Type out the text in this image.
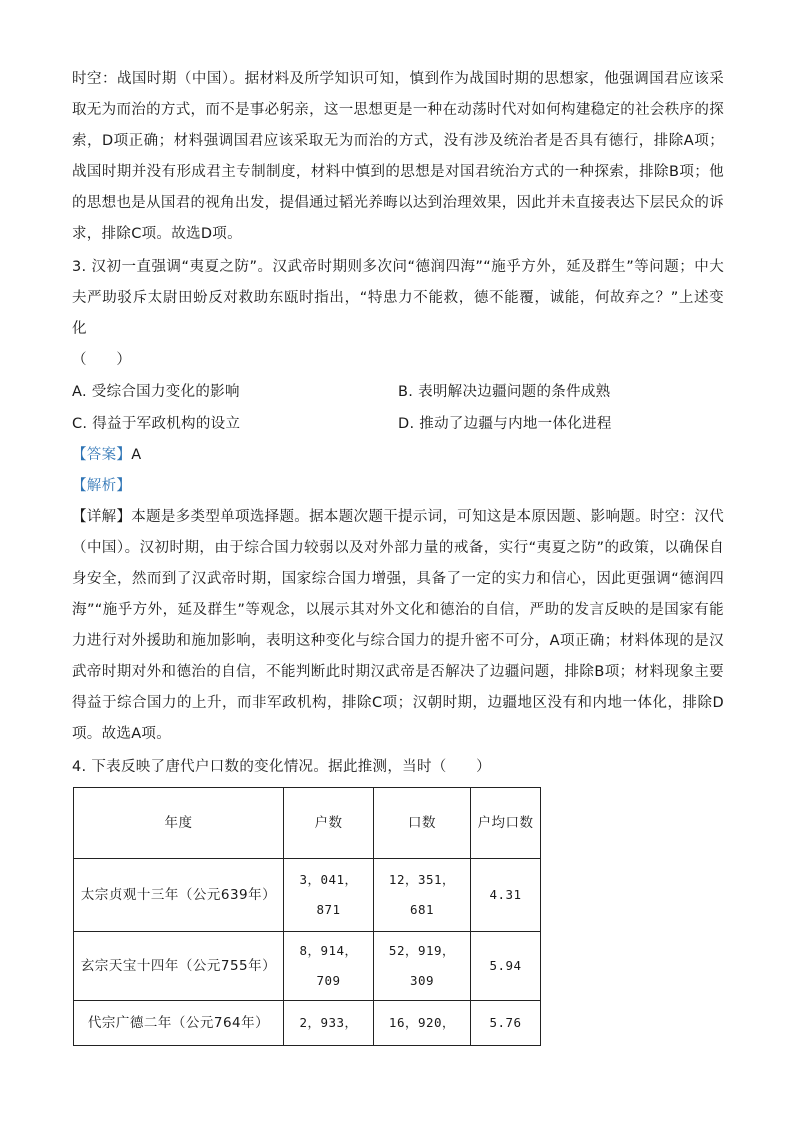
时空：战国时期（中国）。据材料及所学知识可知，慎到作为战国时期的思想家，他强调国君应该采取无为而治的方式，而不是事必躬亲，这一思想更是一种在动荡时代对如何构建稳定的社会秩序的探索，D项正确；材料强调国君应该采取无为而治的方式，没有涉及统治者是否具有德行，排除A项；战国时期并没有形成君主专制制度，材料中慎到的思想是对国君统治方式的一种探索，排除B项；他的思想也是从国君的视角出发，提倡通过韬光养晦以达到治理效果，因此并未直接表达下层民众的诉求，排除C项。故选D项。

3. 汉初一直强调“夷夏之防”。汉武帝时期则多次问“德润四海”“施乎方外，延及群生”等问题；中大夫严助驳斥太尉田蚡反对救助东瓯时指出，“特患力不能救，德不能覆，诚能，何故弃之？”上述变化

（　　）

A. 受综合国力变化的影响	B. 表明解决边疆问题的条件成熟
C. 得益于军政机构的设立	D. 推动了边疆与内地一体化进程

【答案】A

【解析】

【详解】本题是多类型单项选择题。据本题次题干提示词，可知这是本原因题、影响题。时空：汉代（中国）。汉初时期，由于综合国力较弱以及对外部力量的戒备，实行“夷夏之防”的政策，以确保自身安全，然而到了汉武帝时期，国家综合国力增强，具备了一定的实力和信心，因此更强调“德润四海”“施乎方外，延及群生”等观念，以展示其对外文化和德治的自信，严助的发言反映的是国家有能力进行对外援助和施加影响，表明这种变化与综合国力的提升密不可分，A项正确；材料体现的是汉武帝时期对外和德治的自信，不能判断此时期汉武帝是否解决了边疆问题，排除B项；材料现象主要得益于综合国力的上升，而非军政机构，排除C项；汉朝时期，边疆地区没有和内地一体化，排除D项。故选A项。

4. 下表反映了唐代户口数的变化情况。据此推测，当时（　　）

年度	户数	口数	户均口数
太宗贞观十三年（公元639年）	3，041，871	12，351，681	4.31
玄宗天宝十四年（公元755年）	8，914，709	52，919，309	5.94
代宗广德二年（公元764年）	2，933，	16，920，	5.76
